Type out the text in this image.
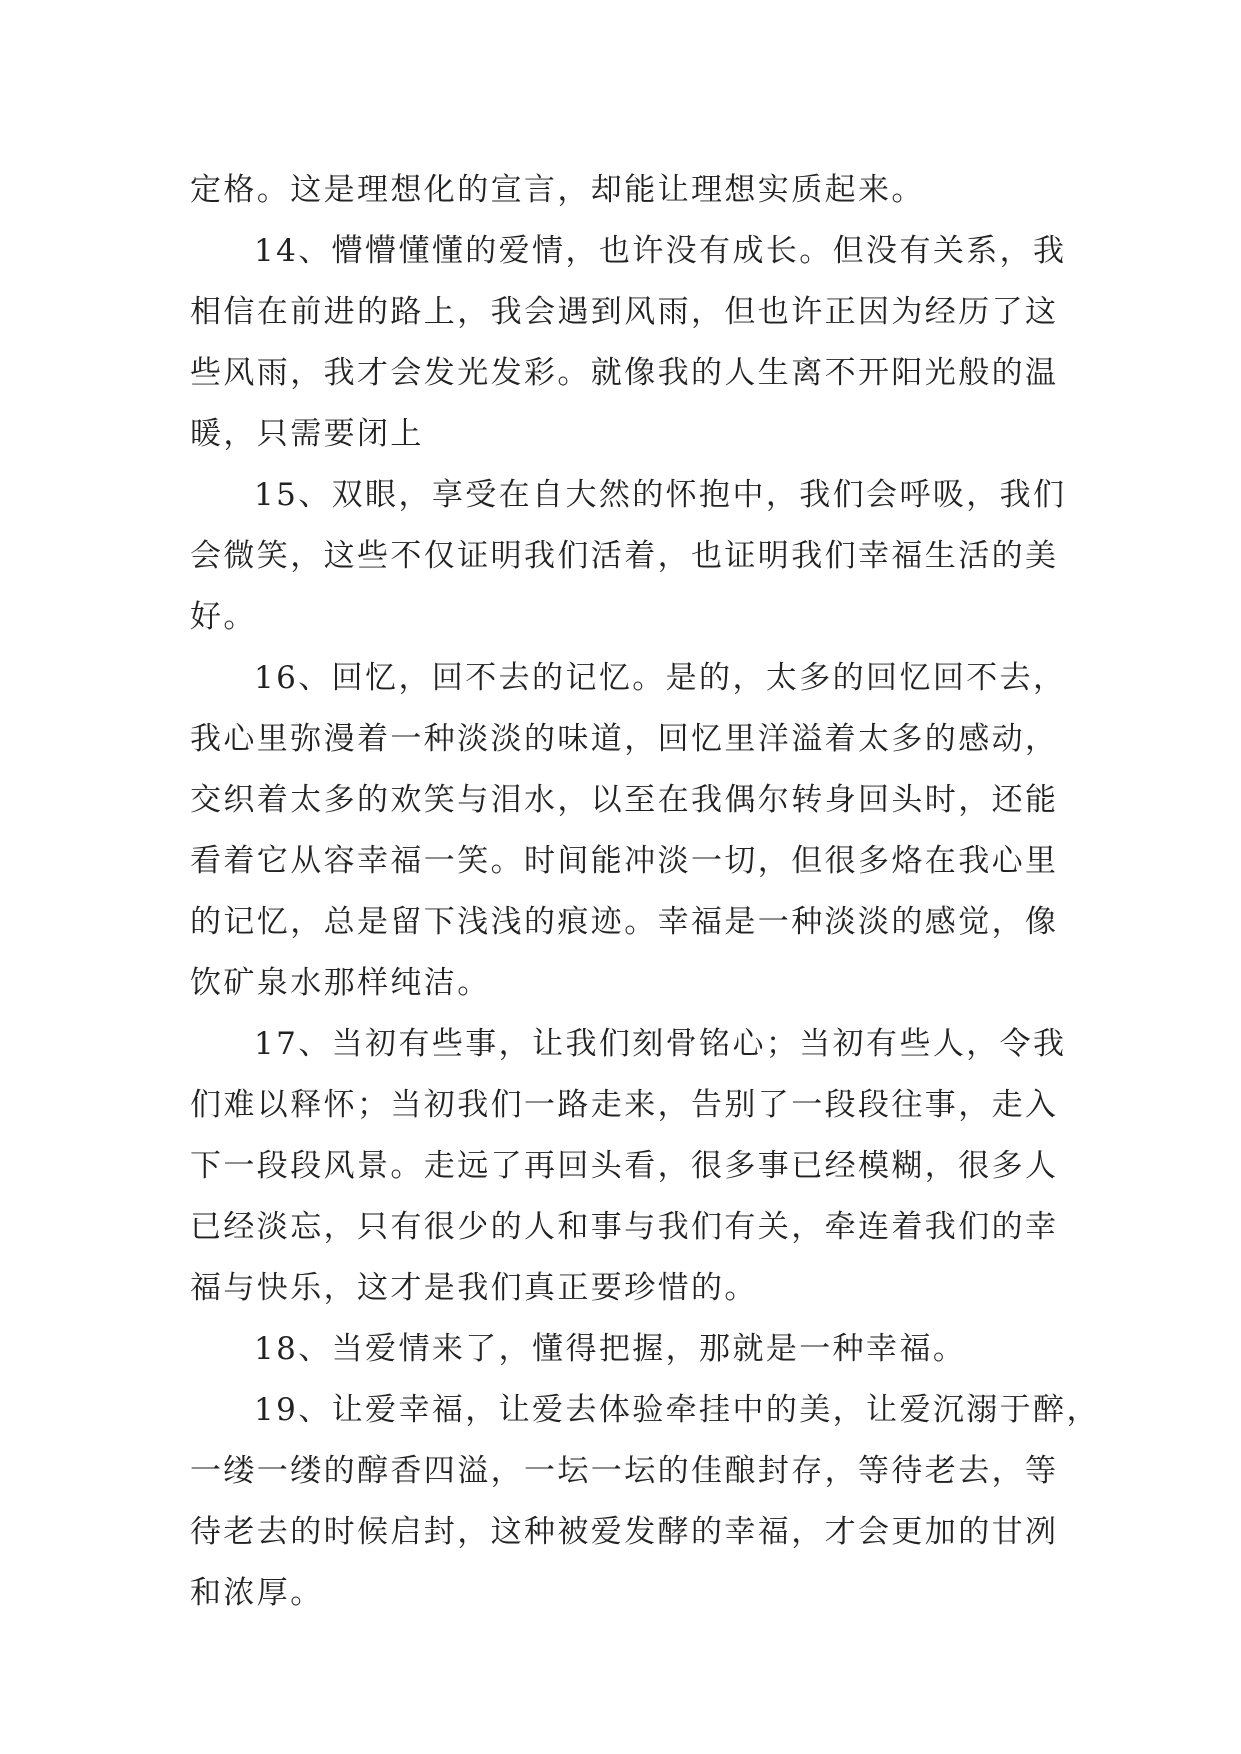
定格。这是理想化的宣言，却能让理想实质起来。

14、懵懵懂懂的爱情，也许没有成长。但没有关系，我

相信在前进的路上，我会遇到风雨，但也许正因为经历了这

些风雨，我才会发光发彩。就像我的人生离不开阳光般的温

暖，只需要闭上

15、双眼，享受在自大然的怀抱中，我们会呼吸，我们

会微笑，这些不仅证明我们活着，也证明我们幸福生活的美

好。

16、回忆，回不去的记忆。是的，太多的回忆回不去，

我心里弥漫着一种淡淡的味道，回忆里洋溢着太多的感动，

交织着太多的欢笑与泪水，以至在我偶尔转身回头时，还能

看着它从容幸福一笑。时间能冲淡一切，但很多烙在我心里

的记忆，总是留下浅浅的痕迹。幸福是一种淡淡的感觉，像

饮矿泉水那样纯洁。

17、当初有些事，让我们刻骨铭心；当初有些人，令我

们难以释怀；当初我们一路走来，告别了一段段往事，走入

下一段段风景。走远了再回头看，很多事已经模糊，很多人

已经淡忘，只有很少的人和事与我们有关，牵连着我们的幸

福与快乐，这才是我们真正要珍惜的。

18、当爱情来了，懂得把握，那就是一种幸福。

19、让爱幸福，让爱去体验牵挂中的美，让爱沉溺于醉，

一缕一缕的醇香四溢，一坛一坛的佳酿封存，等待老去，等

待老去的时候启封，这种被爱发酵的幸福，才会更加的甘冽

和浓厚。
